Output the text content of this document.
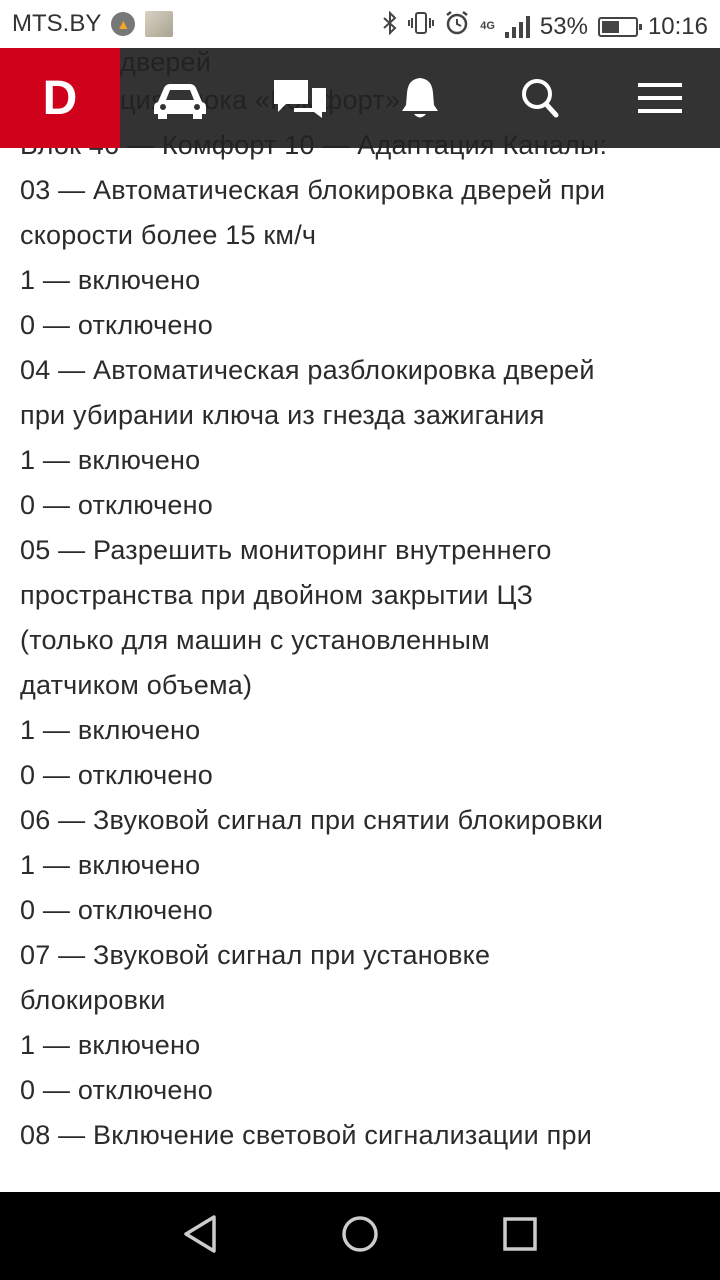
MTS.BY	▲	4G 53%	10:16
03 — Автоматическая блокировка дверей при
скорости более 15 км/ч
1 — включено
0 — отключено
04 — Автоматическая разблокировка дверей
при убирании ключа из гнезда зажигания
1 — включено
0 — отключено
05 — Разрешить мониторинг внутреннего
пространства при двойном закрытии ЦЗ
(только для машин с установленным
датчиком объема)
1 — включено
0 — отключено
06 — Звуковой сигнал при снятии блокировки
1 — включено
0 — отключено
07 — Звуковой сигнал при установке
блокировки
1 — включено
0 — отключено
08 — Включение световой сигнализации при
D
